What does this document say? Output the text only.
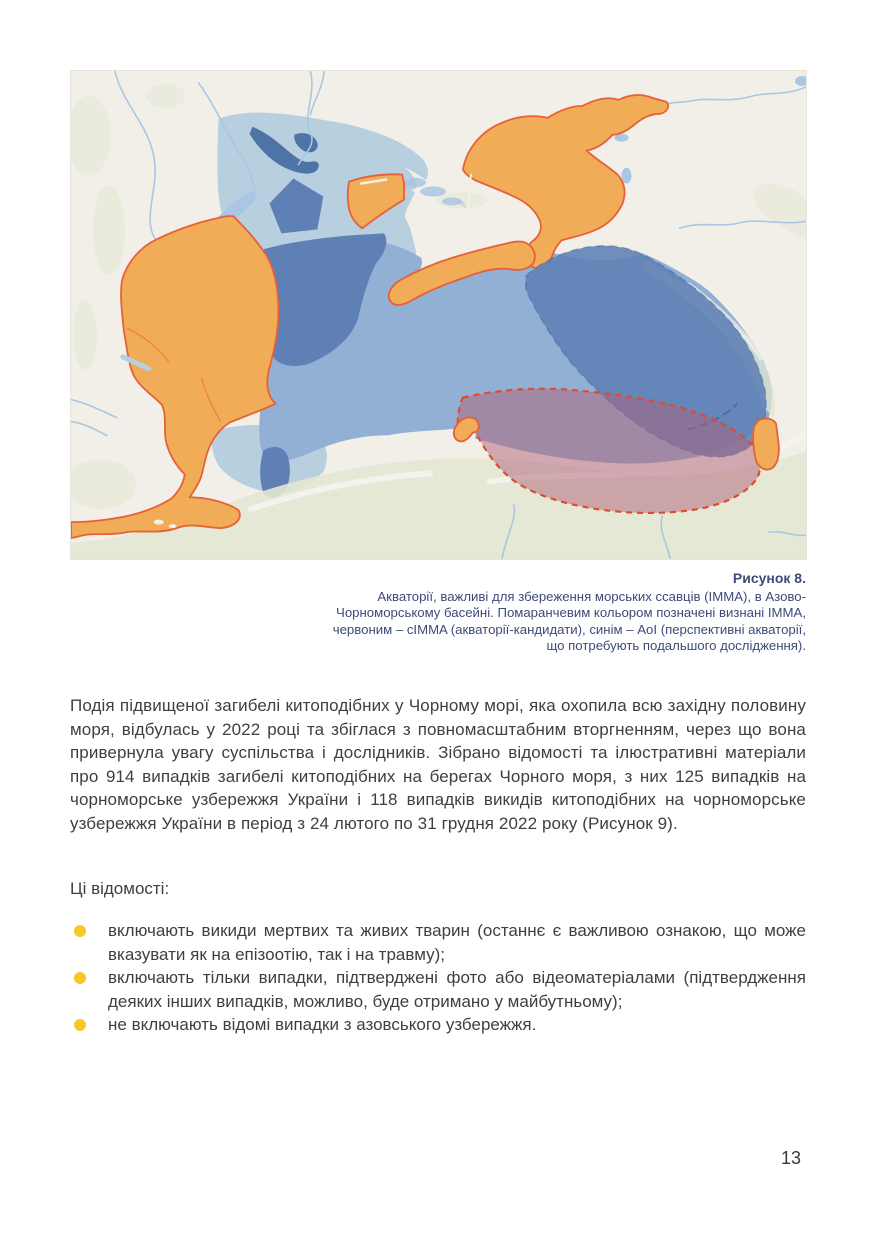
Рисунок 8.
Акваторії, важливі для збереження морських ссавців (IMMA), в Азово-
Чорноморському басейні. Помаранчевим кольором позначені визнані IMMA,
червоним – cIMMA (акваторії-кандидати), синім – AoI (перспективні акваторії,
що потребують подальшого дослідження).
Подія підвищеної загибелі китоподібних у Чорному морі, яка охопила всю західну половину моря, відбулась у 2022 році та збіглася з повномасштабним вторгненням, через що вона привернула увагу суспільства і дослідників. Зібрано відомості та ілюстративні матеріали про 914 випадків загибелі китоподібних на берегах Чорного моря, з них 125 випадків на чорноморське узбережжя України і 118 випадків викидів китоподібних на чорноморське узбережжя України в період з 24 лютого по 31 грудня 2022 року (Рисунок 9).
Ці відомості:
включають викиди мертвих та живих тварин (останнє є важливою ознакою, що може вказувати як на епізоотію, так і на травму);
включають тільки випадки, підтверджені фото або відеоматеріалами (підтвердження деяких інших випадків, можливо, буде отримано у майбутньому);
не включають відомі випадки з азовського узбережжя.
13
